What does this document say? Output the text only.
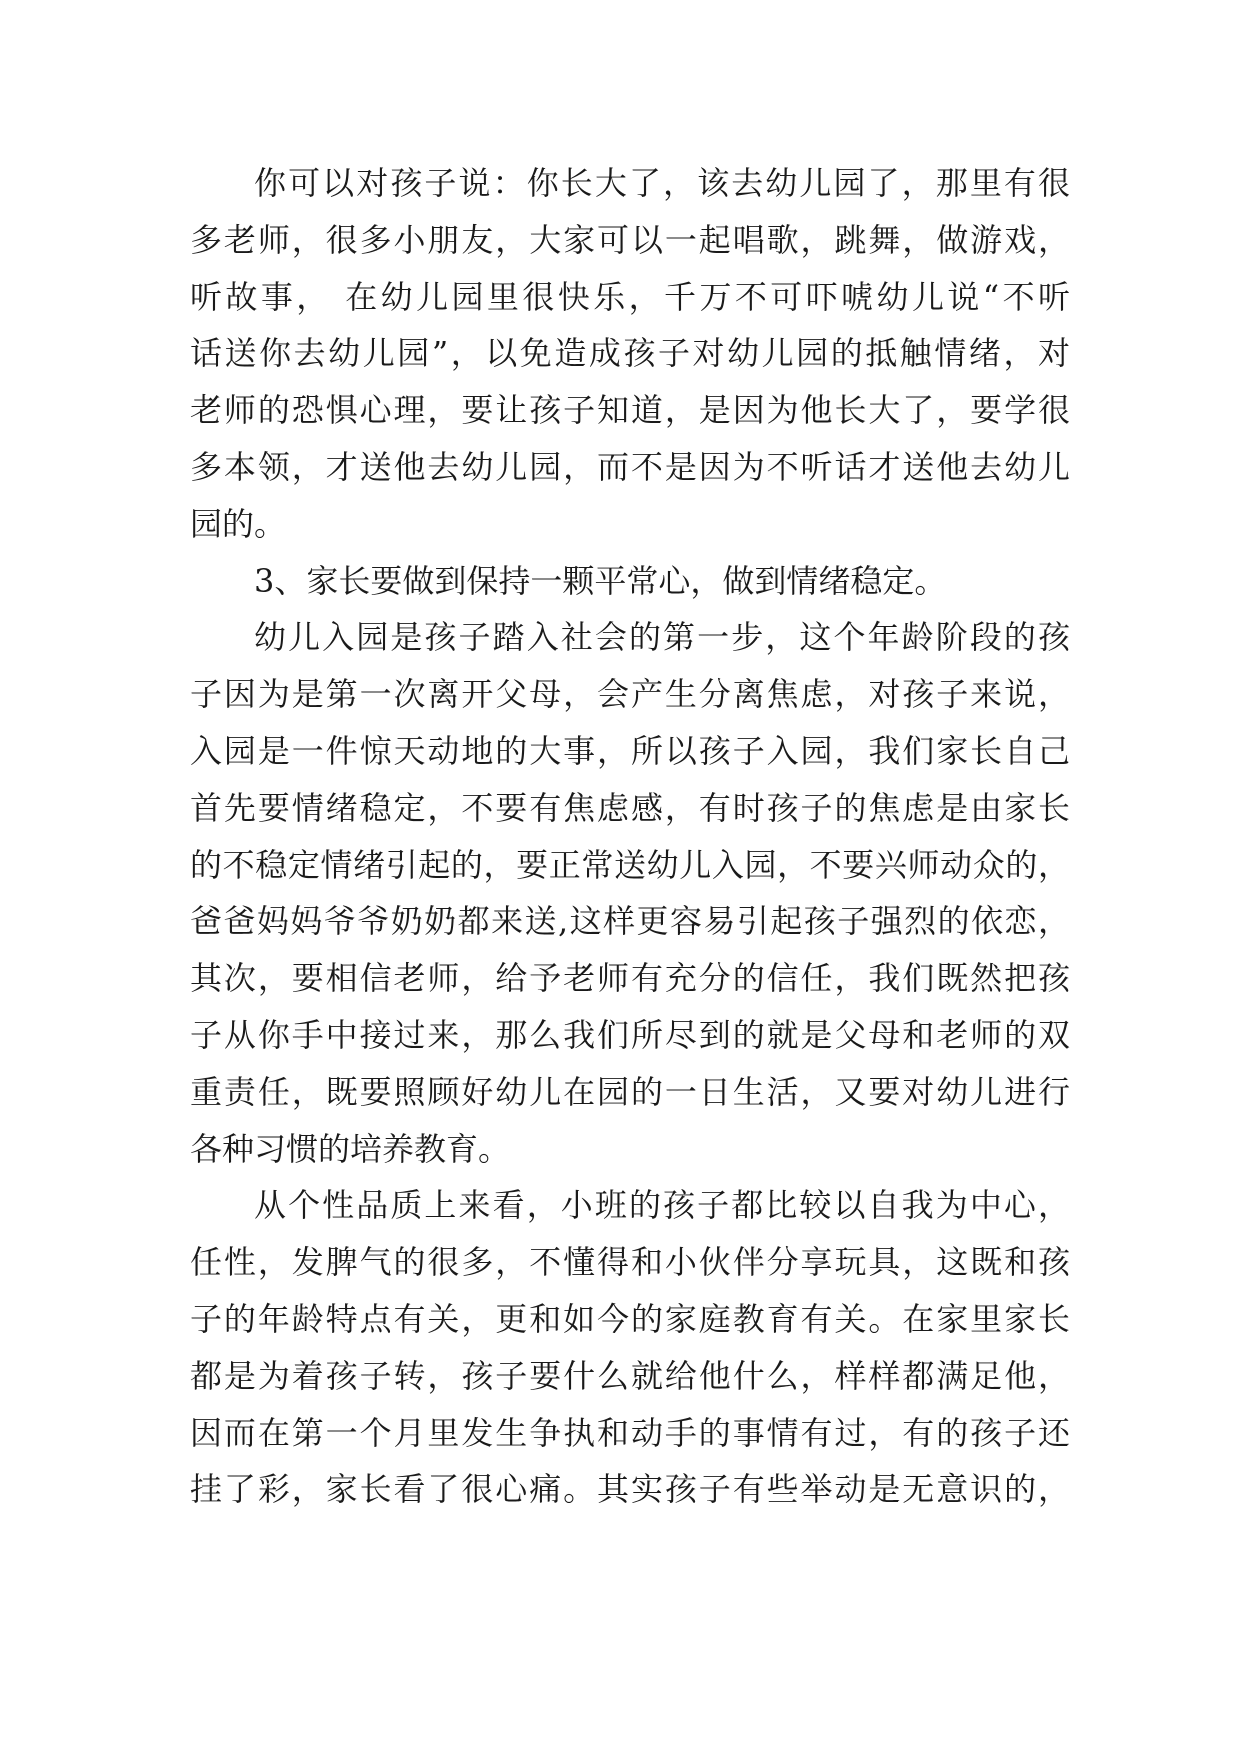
你可以对孩子说：你长大了，该去幼儿园了，那里有很
多老师，很多小朋友，大家可以一起唱歌，跳舞，做游戏，
听故事， 在幼儿园里很快乐，千万不可吓唬幼儿说“不听
话送你去幼儿园”，以免造成孩子对幼儿园的抵触情绪，对
老师的恐惧心理，要让孩子知道，是因为他长大了，要学很
多本领，才送他去幼儿园，而不是因为不听话才送他去幼儿
园的。
3、家长要做到保持一颗平常心，做到情绪稳定。
幼儿入园是孩子踏入社会的第一步，这个年龄阶段的孩
子因为是第一次离开父母，会产生分离焦虑，对孩子来说，
入园是一件惊天动地的大事，所以孩子入园，我们家长自己
首先要情绪稳定，不要有焦虑感，有时孩子的焦虑是由家长
的不稳定情绪引起的，要正常送幼儿入园，不要兴师动众的，
爸爸妈妈爷爷奶奶都来送,这样更容易引起孩子强烈的依恋，
其次，要相信老师，给予老师有充分的信任，我们既然把孩
子从你手中接过来，那么我们所尽到的就是父母和老师的双
重责任，既要照顾好幼儿在园的一日生活，又要对幼儿进行
各种习惯的培养教育。
从个性品质上来看，小班的孩子都比较以自我为中心，
任性，发脾气的很多，不懂得和小伙伴分享玩具，这既和孩
子的年龄特点有关，更和如今的家庭教育有关。在家里家长
都是为着孩子转，孩子要什么就给他什么，样样都满足他，
因而在第一个月里发生争执和动手的事情有过，有的孩子还
挂了彩，家长看了很心痛。其实孩子有些举动是无意识的，
